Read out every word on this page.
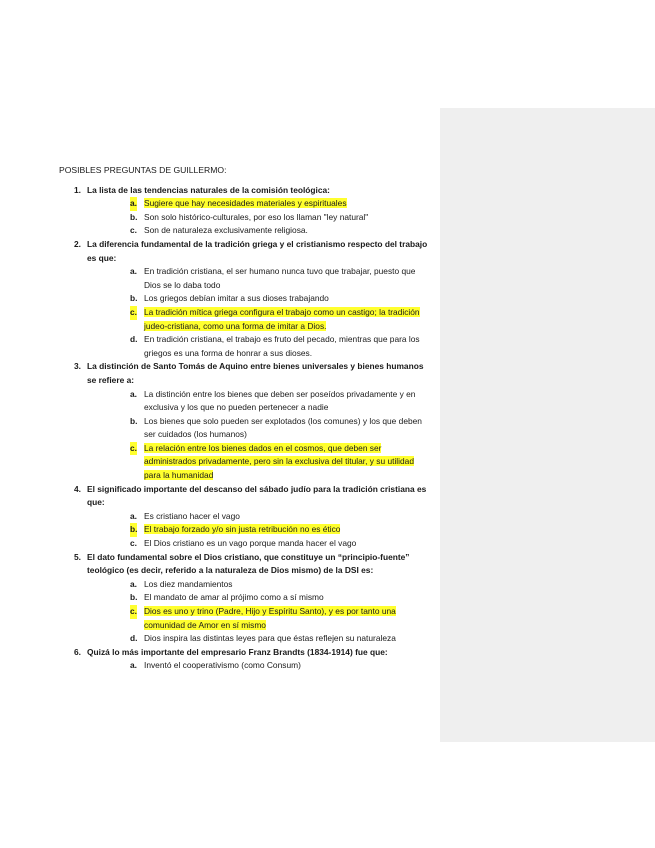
POSIBLES PREGUNTAS DE GUILLERMO:
1. La lista de las tendencias naturales de la comisión teológica:
a. Sugiere que hay necesidades materiales y espirituales
b. Son solo histórico-culturales, por eso los llaman "ley natural"
c. Son de naturaleza exclusivamente religiosa.
2. La diferencia fundamental de la tradición griega y el cristianismo respecto del trabajo es que:
a. En tradición cristiana, el ser humano nunca tuvo que trabajar, puesto que Dios se lo daba todo
b. Los griegos debían imitar a sus dioses trabajando
c. La tradición mítica griega configura el trabajo como un castigo; la tradición judeo-cristiana, como una forma de imitar a Dios.
d. En tradición cristiana, el trabajo es fruto del pecado, mientras que para los griegos es una forma de honrar a sus dioses.
3. La distinción de Santo Tomás de Aquino entre bienes universales y bienes humanos se refiere a:
a. La distinción entre los bienes que deben ser poseídos privadamente y en exclusiva y los que no pueden pertenecer a nadie
b. Los bienes que solo pueden ser explotados (los comunes) y los que deben ser cuidados (los humanos)
c. La relación entre los bienes dados en el cosmos, que deben ser administrados privadamente, pero sin la exclusiva del titular, y su utilidad para la humanidad
4. El significado importante del descanso del sábado judío para la tradición cristiana es que:
a. Es cristiano hacer el vago
b. El trabajo forzado y/o sin justa retribución no es ético
c. El Dios cristiano es un vago porque manda hacer el vago
5. El dato fundamental sobre el Dios cristiano, que constituye un “principio-fuente” teológico (es decir, referido a la naturaleza de Dios mismo) de la DSI es:
a. Los diez mandamientos
b. El mandato de amar al prójimo como a sí mismo
c. Dios es uno y trino (Padre, Hijo y Espíritu Santo), y es por tanto una comunidad de Amor en sí mismo
d. Dios inspira las distintas leyes para que éstas reflejen su naturaleza
6. Quizá lo más importante del empresario Franz Brandts (1834-1914) fue que:
a. Inventó el cooperativismo (como Consum)
